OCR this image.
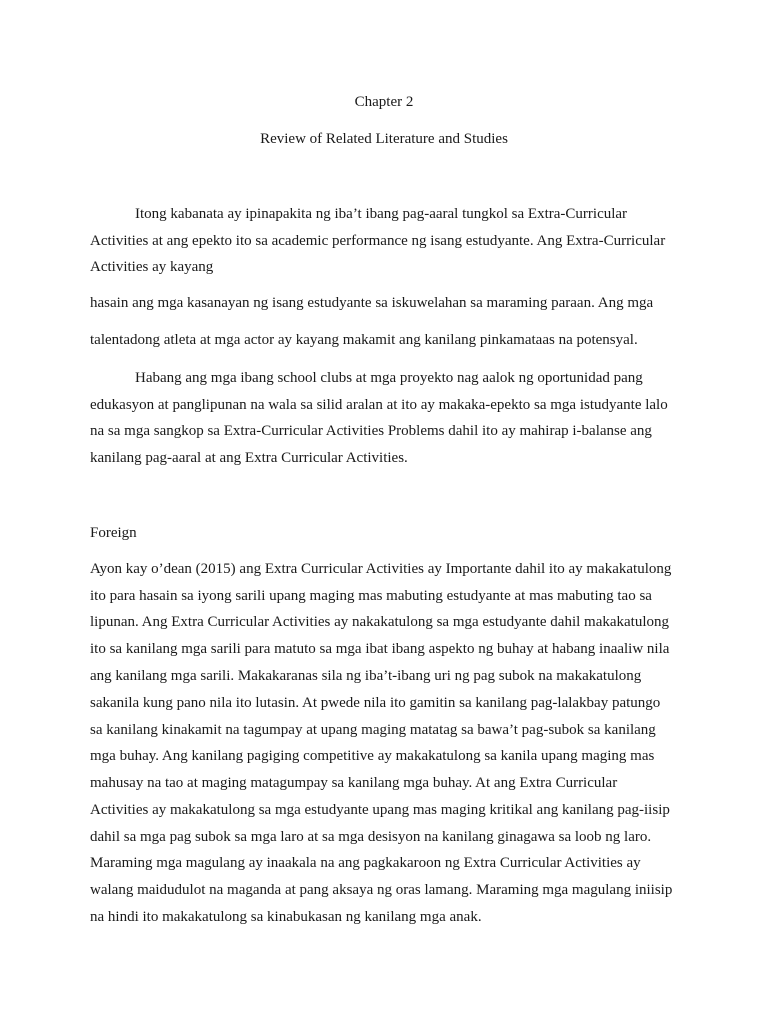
Chapter 2
Review of Related Literature and Studies
Itong kabanata ay ipinapakita ng iba’t ibang pag-aaral tungkol sa Extra-Curricular
Activities at ang epekto ito sa academic performance ng isang estudyante. Ang Extra-Curricular
Activities ay kayang
hasain ang mga kasanayan ng isang estudyante sa iskuwelahan sa maraming paraan. Ang mga
talentadong atleta at mga actor ay kayang makamit ang kanilang pinkamataas na potensyal.
Habang ang mga ibang school clubs at mga proyekto nag aalok ng oportunidad pang
edukasyon at panglipunan na wala sa silid aralan at ito ay makaka-epekto sa mga istudyante lalo
na sa mga sangkop sa Extra-Curricular Activities Problems dahil ito ay mahirap i-balanse ang
kanilang pag-aaral at ang Extra Curricular Activities.
Foreign
Ayon kay o’dean (2015) ang Extra Curricular Activities ay Importante dahil ito ay makakatulong
ito para hasain sa iyong sarili upang maging mas mabuting estudyante at mas mabuting tao sa
lipunan. Ang Extra Curricular Activities ay nakakatulong sa mga estudyante dahil makakatulong
ito sa kanilang mga sarili para matuto sa mga ibat ibang aspekto ng buhay at habang inaaliw nila
ang kanilang mga sarili. Makakaranas sila ng iba’t-ibang uri ng pag subok na makakatulong
sakanila kung pano nila ito lutasin. At pwede nila ito gamitin sa kanilang pag-lalakbay patungo
sa kanilang kinakamit na tagumpay at upang maging matatag sa bawa’t pag-subok sa kanilang
mga buhay. Ang kanilang pagiging competitive ay makakatulong sa kanila upang maging mas
mahusay na tao at maging matagumpay sa kanilang mga buhay. At ang Extra Curricular
Activities ay makakatulong sa mga estudyante upang mas maging kritikal ang kanilang pag-iisip
dahil sa mga pag subok sa mga laro at sa mga desisyon na kanilang ginagawa sa loob ng laro.
Maraming mga magulang ay inaakala na ang pagkakaroon ng Extra Curricular Activities ay
walang maidudulot na maganda at pang aksaya ng oras lamang. Maraming mga magulang iniisip
na hindi ito makakatulong sa kinabukasan ng kanilang mga anak.
